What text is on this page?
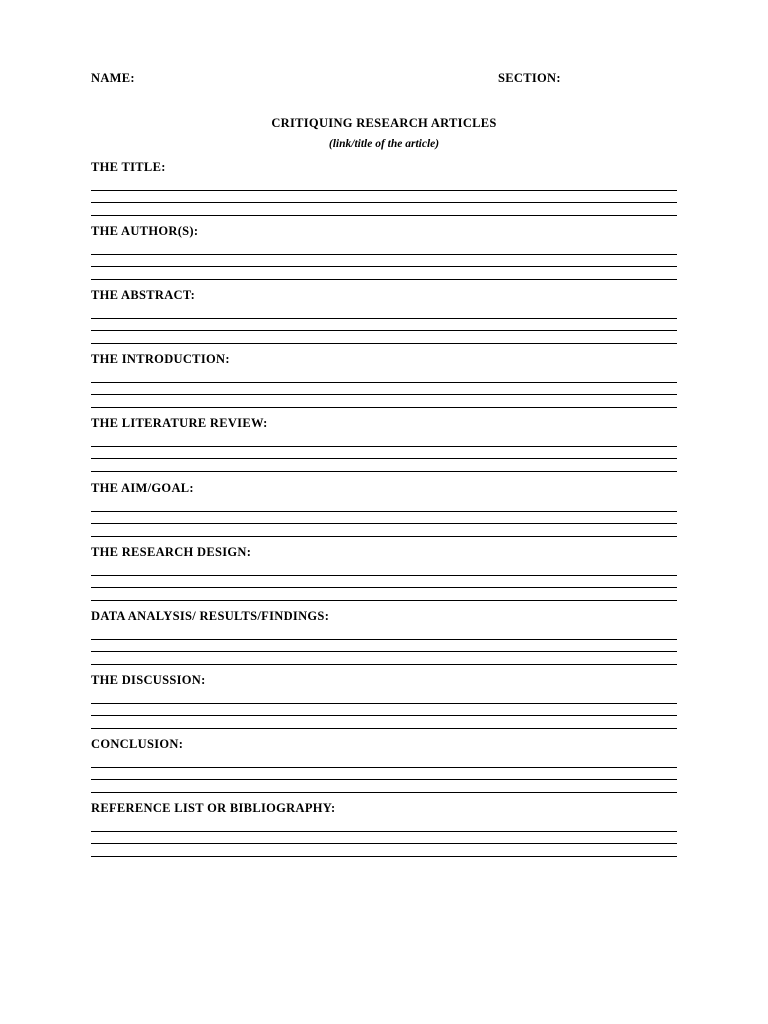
NAME:	SECTION:
CRITIQUING RESEARCH ARTICLES
(link/title of the article)
THE TITLE:
THE AUTHOR(S):
THE ABSTRACT:
THE INTRODUCTION:
THE LITERATURE REVIEW:
THE AIM/GOAL:
THE RESEARCH DESIGN:
DATA ANALYSIS/ RESULTS/FINDINGS:
THE DISCUSSION:
CONCLUSION:
REFERENCE LIST OR BIBLIOGRAPHY:
